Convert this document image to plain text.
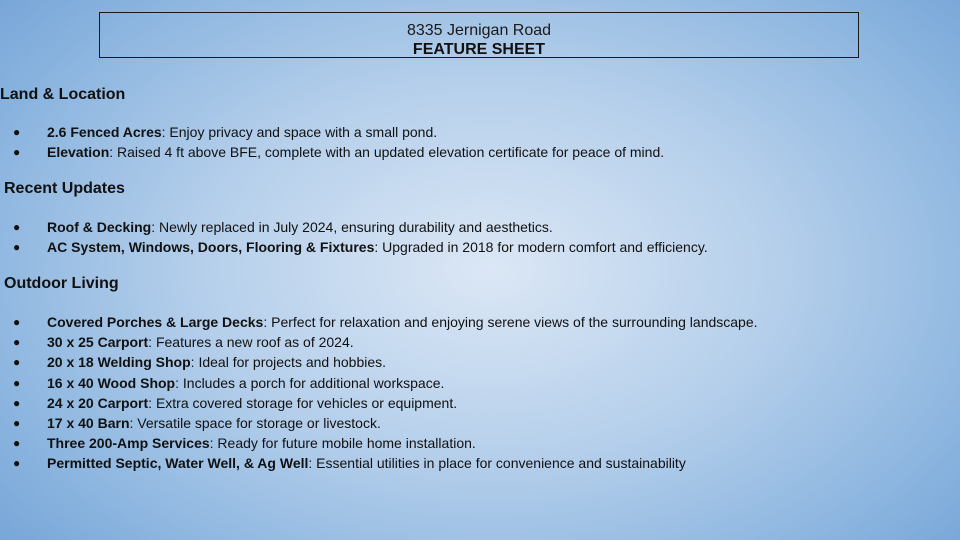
8335 Jernigan Road
FEATURE SHEET
Land & Location
● 2.6 Fenced Acres: Enjoy privacy and space with a small pond.
● Elevation: Raised 4 ft above BFE, complete with an updated elevation certificate for peace of mind.
Recent Updates
● Roof & Decking: Newly replaced in July 2024, ensuring durability and aesthetics.
● AC System, Windows, Doors, Flooring & Fixtures: Upgraded in 2018 for modern comfort and efficiency.
Outdoor Living
● Covered Porches & Large Decks: Perfect for relaxation and enjoying serene views of the surrounding landscape.
● 30 x 25 Carport: Features a new roof as of 2024.
● 20 x 18 Welding Shop: Ideal for projects and hobbies.
● 16 x 40 Wood Shop: Includes a porch for additional workspace.
● 24 x 20 Carport: Extra covered storage for vehicles or equipment.
● 17 x 40 Barn: Versatile space for storage or livestock.
● Three 200-Amp Services: Ready for future mobile home installation.
● Permitted Septic, Water Well, & Ag Well: Essential utilities in place for convenience and sustainability
